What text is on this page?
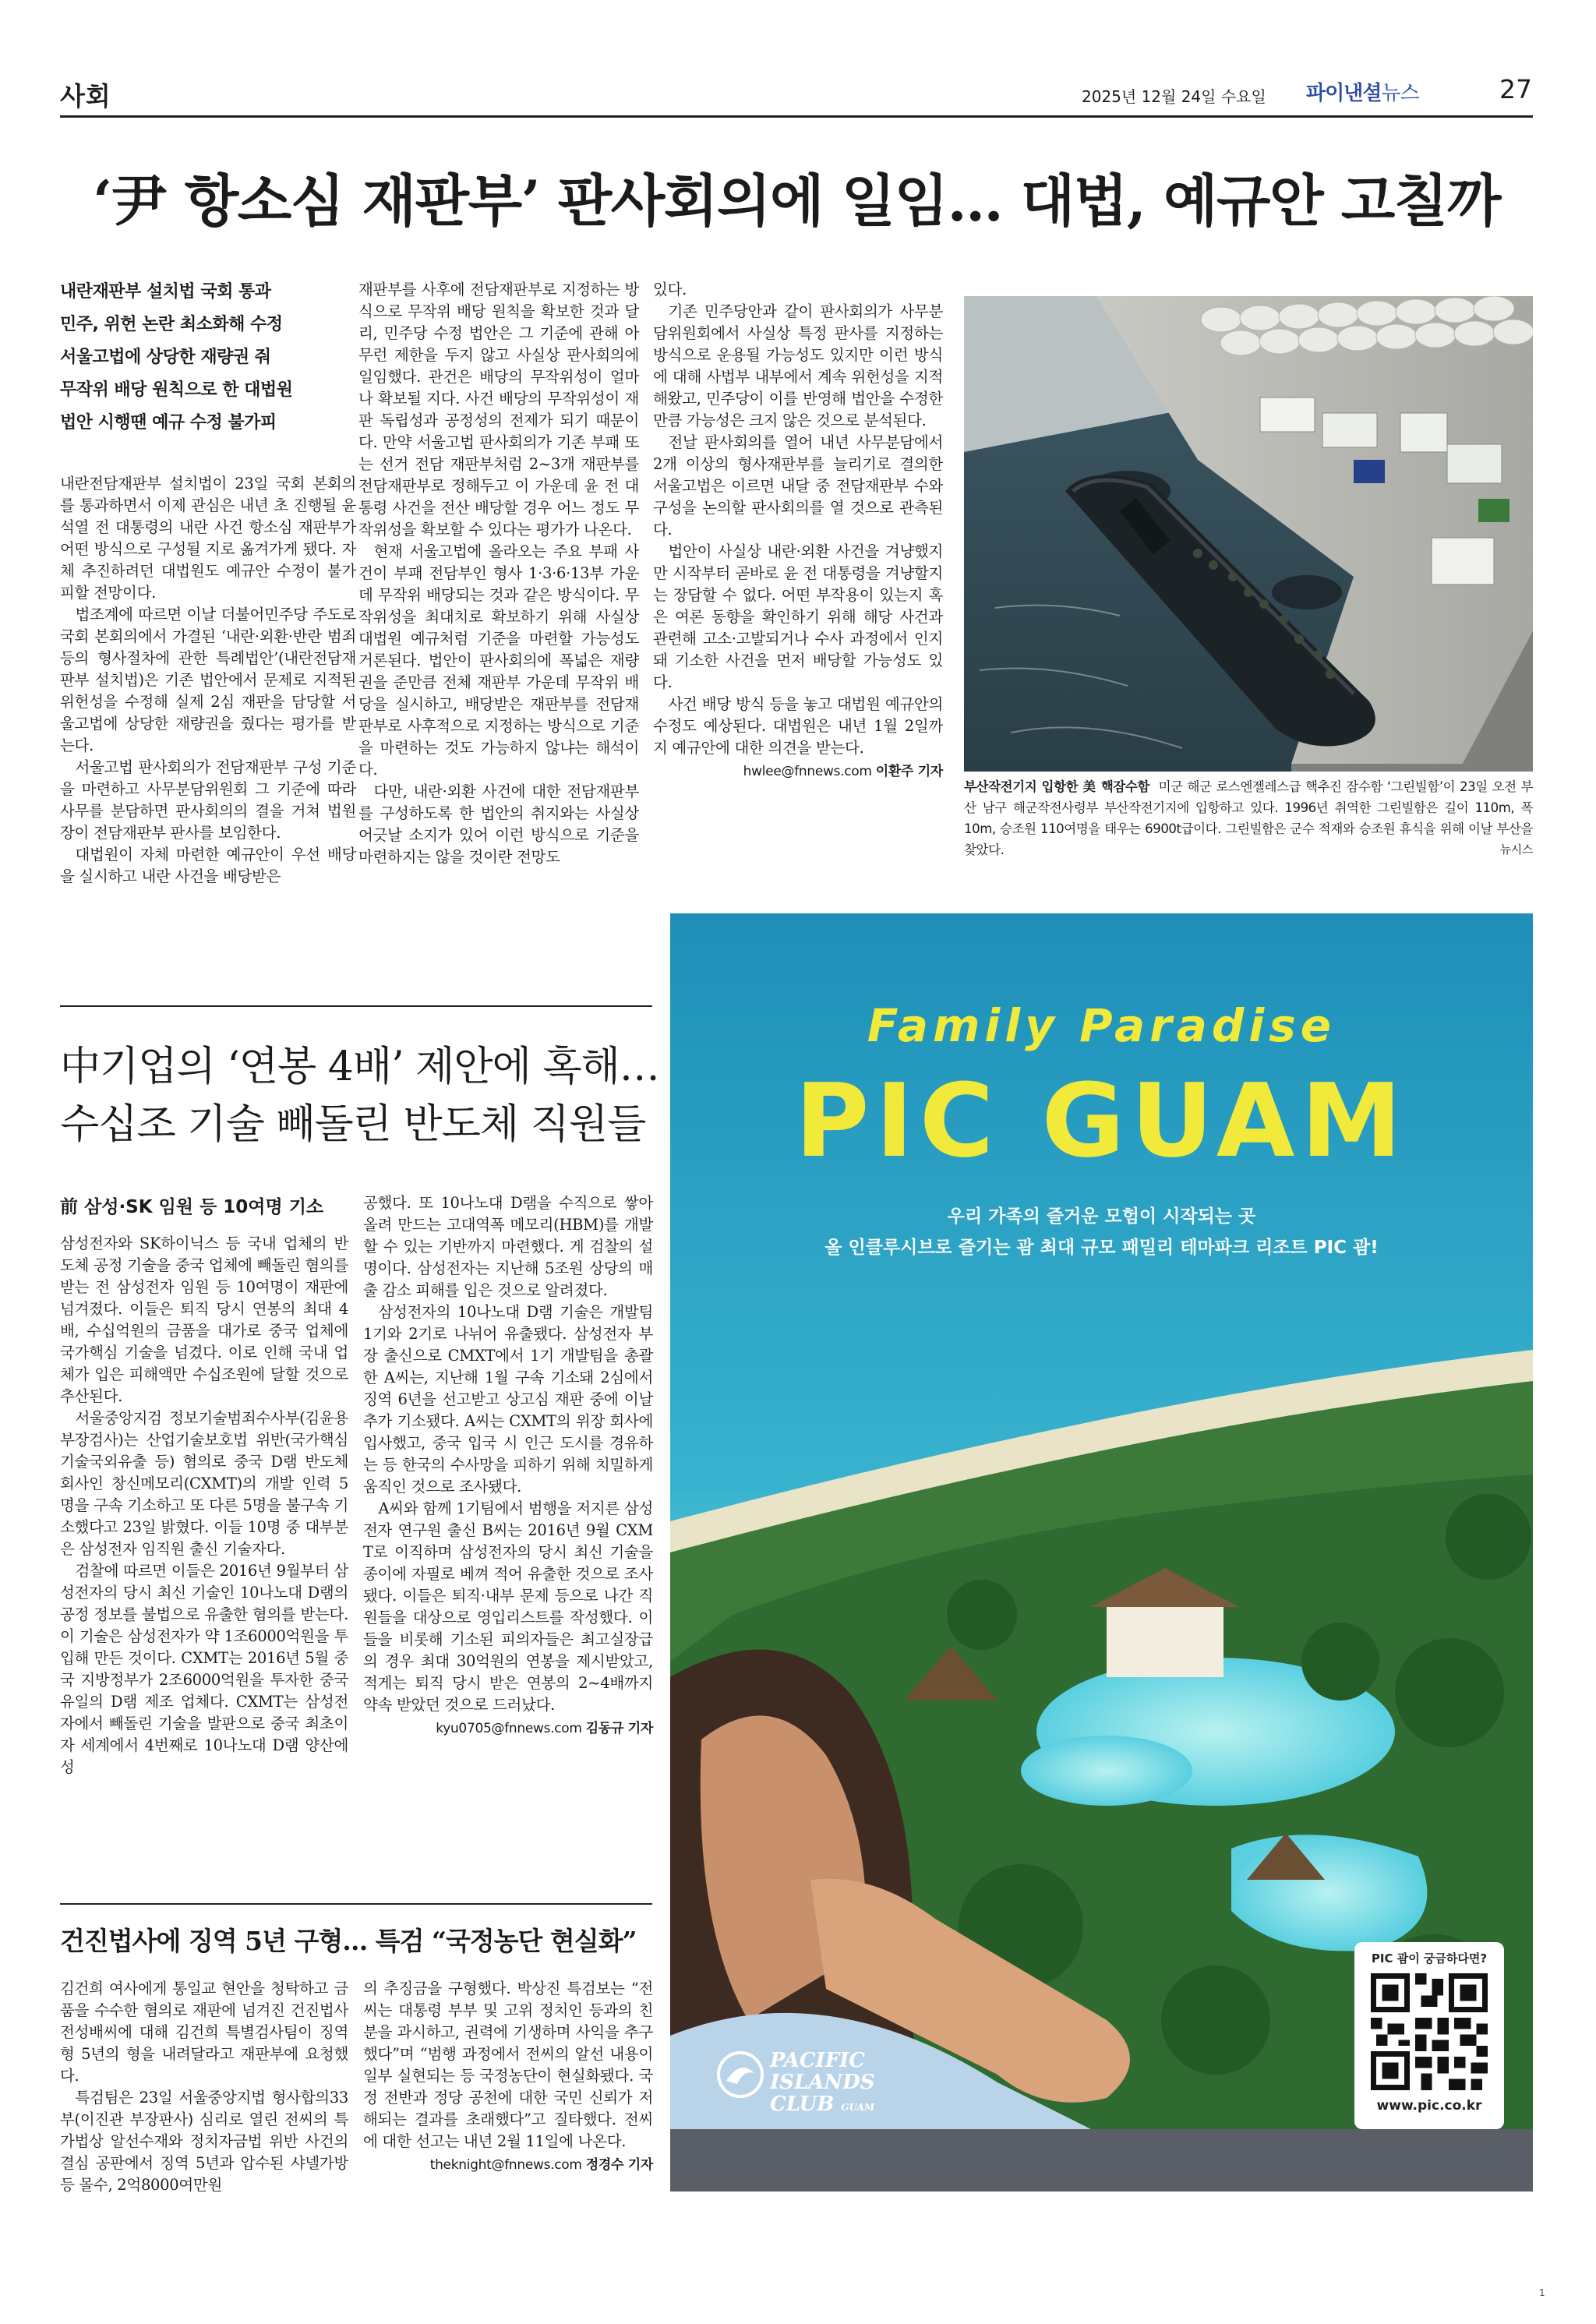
사회	2025년 12월 24일 수요일 파이낸셜뉴스	27
‘尹 항소심 재판부’ 판사회의에 일임… 대법, 예규안 고칠까
내란재판부 설치법 국회 통과
민주, 위헌 논란 최소화해 수정
서울고법에 상당한 재량권 줘
무작위 배당 원칙으로 한 대법원
법안 시행땐 예규 수정 불가피

내란전담재판부 설치법이 23일 국회 본회의를 통과하면서 이제 관심은 내년 초 진행될 윤석열 전 대통령의 내란 사건 항소심 재판부가 어떤 방식으로 구성될 지로 옮겨가게 됐다. 자체 추진하려던 대법원도 예규안 수정이 불가피할 전망이다.

법조계에 따르면 이날 더불어민주당 주도로 국회 본회의에서 가결된 ‘내란·외환·반란 범죄 등의 형사절차에 관한 특례법안’(내란전담재판부 설치법)은 기존 법안에서 문제로 지적된 위헌성을 수정해 실제 2심 재판을 담당할 서울고법에 상당한 재량권을 줬다는 평가를 받는다.

서울고법 판사회의가 전담재판부 구성 기준을 마련하고 사무분담위원회 그 기준에 따라 사무를 분담하면 판사회의의 결을 거쳐 법원장이 전담재판부 판사를 보임한다.

대법원이 자체 마련한 예규안이 우선 배당을 실시하고 내란 사건을 배당받은

재판부를 사후에 전담재판부로 지정하는 방식으로 무작위 배당 원칙을 확보한 것과 달리, 민주당 수정 법안은 그 기준에 관해 아무런 제한을 두지 않고 사실상 판사회의에 일임했다. 관건은 배당의 무작위성이 얼마나 확보될 지다. 사건 배당의 무작위성이 재판 독립성과 공정성의 전제가 되기 때문이다. 만약 서울고법 판사회의가 기존 부패 또는 선거 전담 재판부처럼 2~3개 재판부를 전담재판부로 정해두고 이 가운데 윤 전 대통령 사건을 전산 배당할 경우 어느 정도 무작위성을 확보할 수 있다는 평가가 나온다.

현재 서울고법에 올라오는 주요 부패 사건이 부패 전담부인 형사 1·3·6·13부 가운데 무작위 배당되는 것과 같은 방식이다. 무작위성을 최대치로 확보하기 위해 사실상 대법원 예규처럼 기준을 마련할 가능성도 거론된다. 법안이 판사회의에 폭넓은 재량권을 준만큼 전체 재판부 가운데 무작위 배당을 실시하고, 배당받은 재판부를 전담재판부로 사후적으로 지정하는 방식으로 기준을 마련하는 것도 가능하지 않냐는 해석이다.

다만, 내란·외환 사건에 대한 전담재판부를 구성하도록 한 법안의 취지와는 사실상 어긋날 소지가 있어 이런 방식으로 기준을 마련하지는 않을 것이란 전망도

있다.

기존 민주당안과 같이 판사회의가 사무분담위원회에서 사실상 특정 판사를 지정하는 방식으로 운용될 가능성도 있지만 이런 방식에 대해 사법부 내부에서 계속 위헌성을 지적해왔고, 민주당이 이를 반영해 법안을 수정한 만큼 가능성은 크지 않은 것으로 분석된다.

전날 판사회의를 열어 내년 사무분담에서 2개 이상의 형사재판부를 늘리기로 결의한 서울고법은 이르면 내달 중 전담재판부 수와 구성을 논의할 판사회의를 열 것으로 관측된다.

법안이 사실상 내란·외환 사건을 겨냥했지만 시작부터 곧바로 윤 전 대통령을 겨냥할지는 장담할 수 없다. 어떤 부작용이 있는지 혹은 여론 동향을 확인하기 위해 해당 사건과 관련해 고소·고발되거나 수사 과정에서 인지돼 기소한 사건을 먼저 배당할 가능성도 있다.

사건 배당 방식 등을 놓고 대법원 예규안의 수정도 예상된다. 대법원은 내년 1월 2일까지 예규안에 대한 의견을 받는다.

hwlee@fnnews.com 이환주 기자
부산작전기지 입항한 美 핵잠수함 미군 해군 로스엔젤레스급 핵추진 잠수함 ‘그린빌함’이 23일 오전 부산 남구 해군작전사령부 부산작전기지에 입항하고 있다. 1996년 취역한 그린빌함은 길이 110m, 폭 10m, 승조원 110여명을 태우는 6900t급이다. 그린빌함은 군수 적재와 승조원 휴식을 위해 이날 부산을 찾았다.	뉴시스
中기업의 ‘연봉 4배’ 제안에 혹해…
수십조 기술 빼돌린 반도체 직원들
前 삼성·SK 임원 등 10여명 기소

삼성전자와 SK하이닉스 등 국내 업체의 반도체 공정 기술을 중국 업체에 빼돌린 혐의를 받는 전 삼성전자 임원 등 10여명이 재판에 넘겨졌다. 이들은 퇴직 당시 연봉의 최대 4배, 수십억원의 금품을 대가로 중국 업체에 국가핵심 기술을 넘겼다. 이로 인해 국내 업체가 입은 피해액만 수십조원에 달할 것으로 추산된다.

서울중앙지검 정보기술범죄수사부(김윤용 부장검사)는 산업기술보호법 위반(국가핵심기술국외유출 등) 혐의로 중국 D램 반도체 회사인 창신메모리(CXMT)의 개발 인력 5명을 구속 기소하고 또 다른 5명을 불구속 기소했다고 23일 밝혔다. 이들 10명 중 대부분은 삼성전자 임직원 출신 기술자다.

검찰에 따르면 이들은 2016년 9월부터 삼성전자의 당시 최신 기술인 10나노대 D램의 공정 정보를 불법으로 유출한 혐의를 받는다. 이 기술은 삼성전자가 약 1조6000억원을 투입해 만든 것이다. CXMT는 2016년 5월 중국 지방정부가 2조6000억원을 투자한 중국 유일의 D램 제조 업체다. CXMT는 삼성전자에서 빼돌린 기술을 발판으로 중국 최초이자 세계에서 4번째로 10나노대 D램 양산에 성

공했다. 또 10나노대 D램을 수직으로 쌓아 올려 만드는 고대역폭 메모리(HBM)를 개발할 수 있는 기반까지 마련했다. 게 검찰의 설명이다. 삼성전자는 지난해 5조원 상당의 매출 감소 피해를 입은 것으로 알려졌다.

삼성전자의 10나노대 D램 기술은 개발팀 1기와 2기로 나뉘어 유출됐다. 삼성전자 부장 출신으로 CMXT에서 1기 개발팀을 총괄한 A씨는, 지난해 1월 구속 기소돼 2심에서 징역 6년을 선고받고 상고심 재판 중에 이날 추가 기소됐다. A씨는 CXMT의 위장 회사에 입사했고, 중국 입국 시 인근 도시를 경유하는 등 한국의 수사망을 피하기 위해 치밀하게 움직인 것으로 조사됐다.

A씨와 함께 1기팀에서 범행을 저지른 삼성전자 연구원 출신 B씨는 2016년 9월 CXMT로 이직하며 삼성전자의 당시 최신 기술을 종이에 자필로 베껴 적어 유출한 것으로 조사됐다. 이들은 퇴직·내부 문제 등으로 나간 직원들을 대상으로 영입리스트를 작성했다. 이들을 비롯해 기소된 피의자들은 최고실장급의 경우 최대 30억원의 연봉을 제시받았고, 적게는 퇴직 당시 받은 연봉의 2~4배까지 약속 받았던 것으로 드러났다.

kyu0705@fnnews.com 김동규 기자
건진법사에 징역 5년 구형… 특검 “국정농단 현실화”

김건희 여사에게 통일교 현안을 청탁하고 금품을 수수한 혐의로 재판에 넘겨진 건진법사 전성배씨에 대해 김건희 특별검사팀이 징역형 5년의 형을 내려달라고 재판부에 요청했다.

특검팀은 23일 서울중앙지법 형사합의33부(이진관 부장판사) 심리로 열린 전씨의 특가법상 알선수재와 정치자금법 위반 사건의 결심 공판에서 징역 5년과 압수된 샤넬가방 등 몰수, 2억8000여만원

의 추징금을 구형했다. 박상진 특검보는 “전씨는 대통령 부부 및 고위 정치인 등과의 친분을 과시하고, 권력에 기생하며 사익을 추구했다”며 “범행 과정에서 전씨의 알선 내용이 일부 실현되는 등 국정농단이 현실화됐다. 국정 전반과 정당 공천에 대한 국민 신뢰가 저해되는 결과를 초래했다”고 질타했다. 전씨에 대한 선고는 내년 2월 11일에 나온다.

theknight@fnnews.com 정경수 기자
Family Paradise
PIC GUAM
우리 가족의 즐거운 모험이 시작되는 곳
올 인클루시브로 즐기는 괌 최대 규모 패밀리 테마파크 리조트 PIC 괌!
PACIFIC
ISLANDS
CLUB GUAM
PIC 괌이 궁금하다면?
www.pic.co.kr
1
